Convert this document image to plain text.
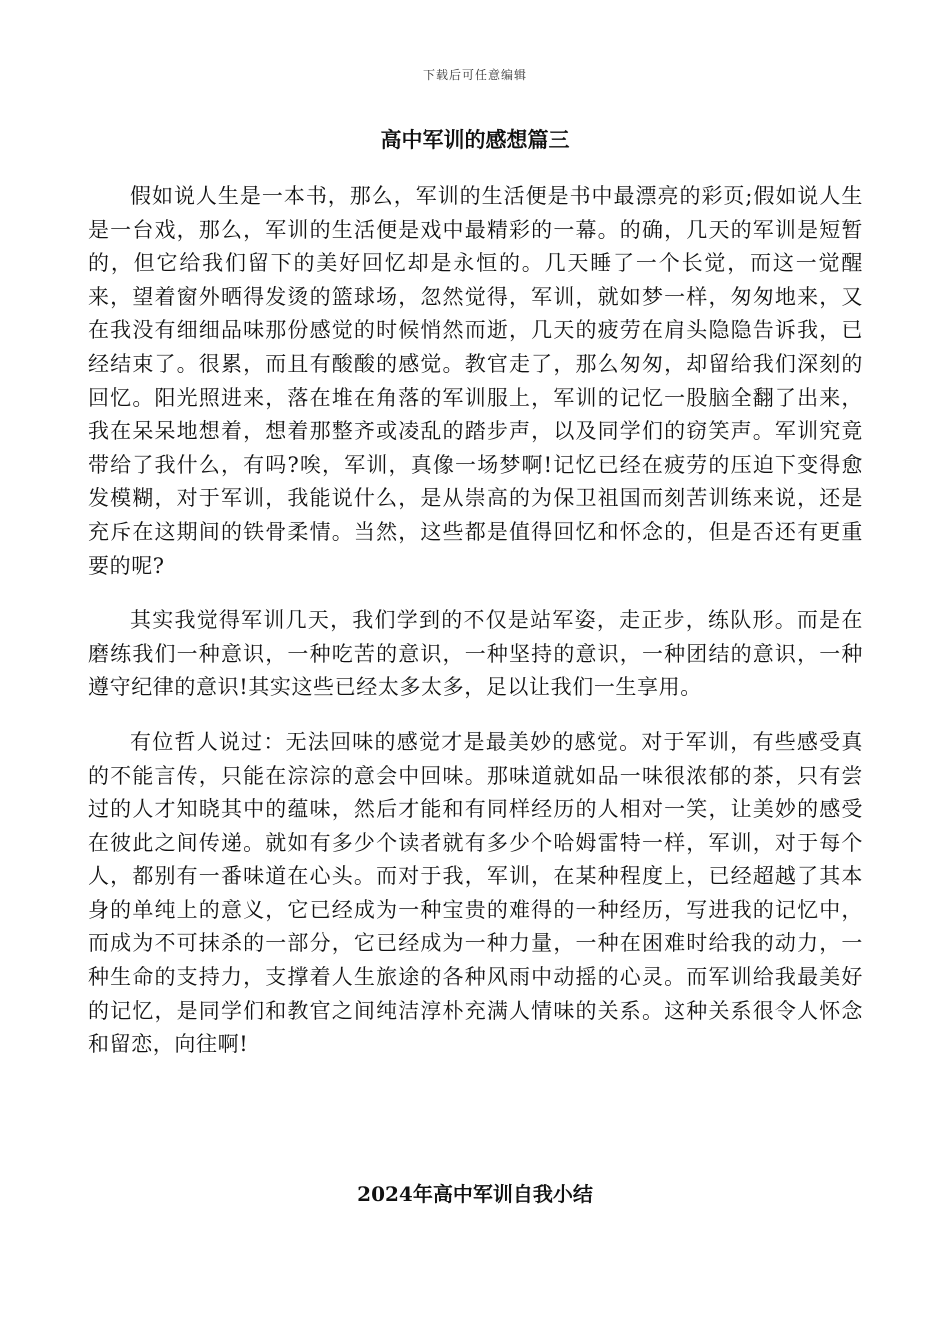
下载后可任意编辑
高中军训的感想篇三

假如说人生是一本书，那么，军训的生活便是书中最漂亮的彩页;假如说人生是一台戏，那么，军训的生活便是戏中最精彩的一幕。的确，几天的军训是短暂的，但它给我们留下的美好回忆却是永恒的。几天睡了一个长觉，而这一觉醒来，望着窗外晒得发烫的篮球场，忽然觉得，军训，就如梦一样，匆匆地来，又在我没有细细品味那份感觉的时候悄然而逝，几天的疲劳在肩头隐隐告诉我，已经结束了。很累，而且有酸酸的感觉。教官走了，那么匆匆，却留给我们深刻的回忆。阳光照进来，落在堆在角落的军训服上，军训的记忆一股脑全翻了出来，我在呆呆地想着，想着那整齐或凌乱的踏步声，以及同学们的窃笑声。军训究竟带给了我什么，有吗?唉，军训，真像一场梦啊!记忆已经在疲劳的压迫下变得愈发模糊，对于军训，我能说什么，是从崇高的为保卫祖国而刻苦训练来说，还是充斥在这期间的铁骨柔情。当然，这些都是值得回忆和怀念的，但是否还有更重要的呢?

其实我觉得军训几天，我们学到的不仅是站军姿，走正步，练队形。而是在磨练我们一种意识，一种吃苦的意识，一种坚持的意识，一种团结的意识，一种遵守纪律的意识!其实这些已经太多太多，足以让我们一生享用。

有位哲人说过：无法回味的感觉才是最美妙的感觉。对于军训，有些感受真的不能言传，只能在淙淙的意会中回味。那味道就如品一味很浓郁的茶，只有尝过的人才知晓其中的蕴味，然后才能和有同样经历的人相对一笑，让美妙的感受在彼此之间传递。就如有多少个读者就有多少个哈姆雷特一样，军训，对于每个人，都别有一番味道在心头。而对于我，军训，在某种程度上，已经超越了其本身的单纯上的意义，它已经成为一种宝贵的难得的一种经历，写进我的记忆中，而成为不可抹杀的一部分，它已经成为一种力量，一种在困难时给我的动力，一种生命的支持力，支撑着人生旅途的各种风雨中动摇的心灵。而军训给我最美好的记忆，是同学们和教官之间纯洁淳朴充满人情味的关系。这种关系很令人怀念和留恋，向往啊!

2024年高中军训自我小结
